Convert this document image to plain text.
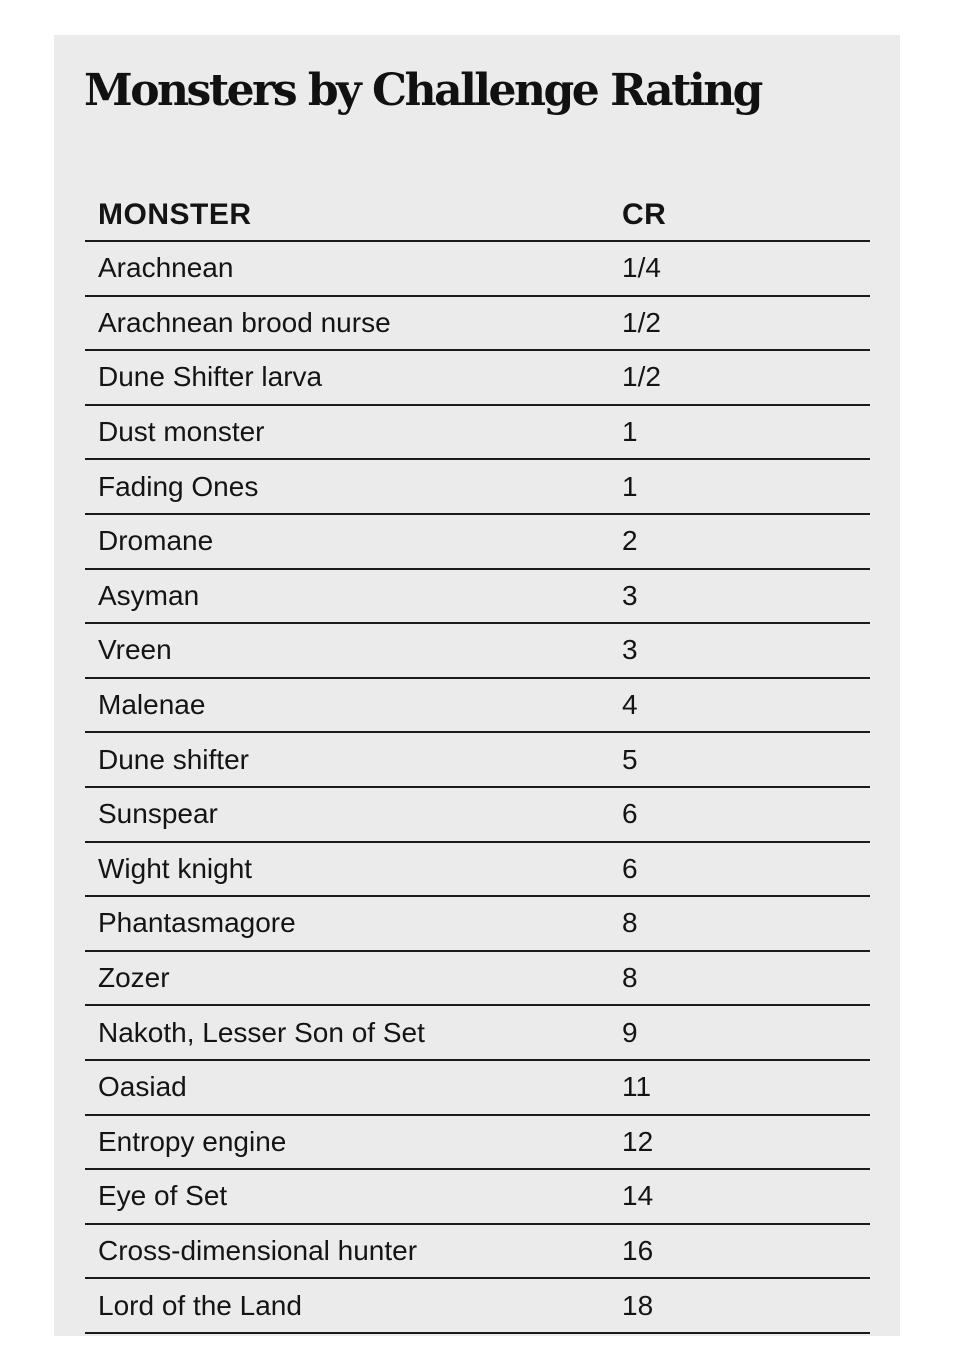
Monsters by Challenge Rating
MONSTER	CR
Arachnean	1/4
Arachnean brood nurse	1/2
Dune Shifter larva	1/2
Dust monster	1
Fading Ones	1
Dromane	2
Asyman	3
Vreen	3
Malenae	4
Dune shifter	5
Sunspear	6
Wight knight	6
Phantasmagore	8
Zozer	8
Nakoth, Lesser Son of Set	9
Oasiad	11
Entropy engine	12
Eye of Set	14
Cross-dimensional hunter	16
Lord of the Land	18
